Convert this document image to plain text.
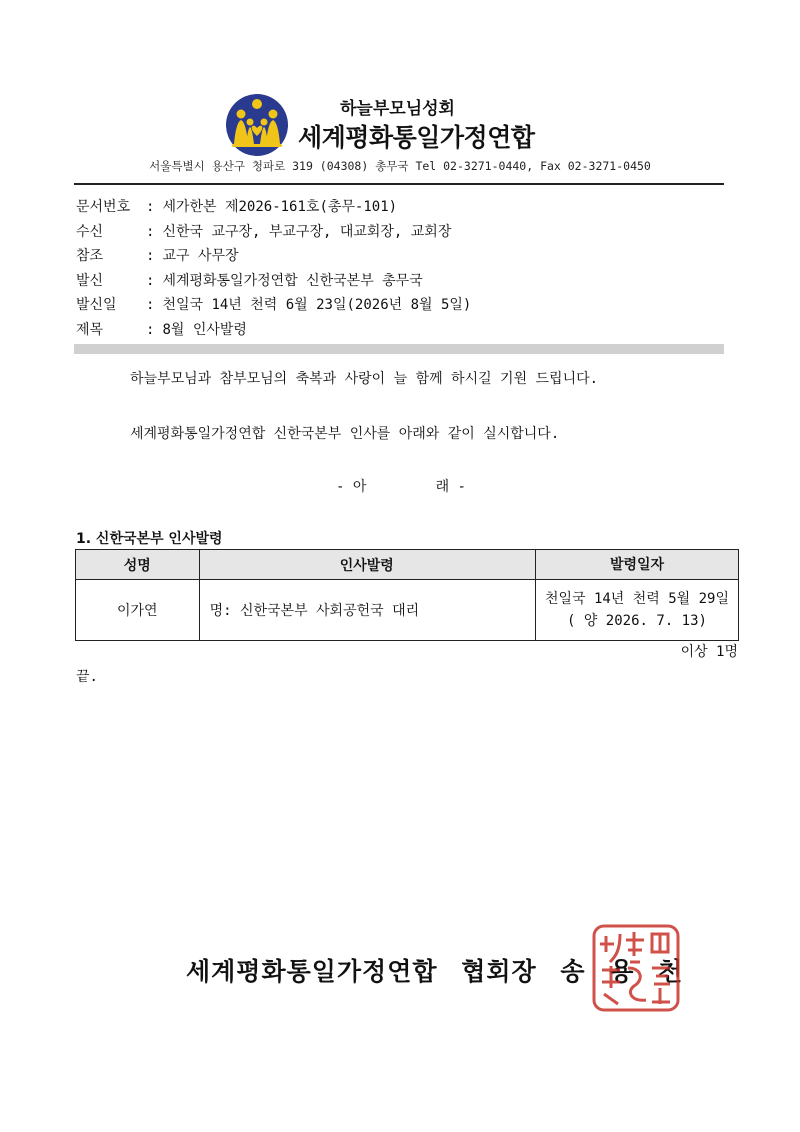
하늘부모님성회
세계평화통일가정연합
서울특별시 용산구 청파로 319 (04308) 총무국 Tel 02-3271-0440, Fax 02-3271-0450
문서번호 : 세가한본 제2026-161호(총무-101)
수신	: 신한국 교구장, 부교구장, 대교회장, 교회장
참조	: 교구 사무장
발신	: 세계평화통일가정연합 신한국본부 총무국
발신일 : 천일국 14년 천력 6월 23일(2026년 8월 5일)
제목	: 8월 인사발령
하늘부모님과 참부모님의 축복과 사랑이 늘 함께 하시길 기원 드립니다.
세계평화통일가정연합 신한국본부 인사를 아래와 같이 실시합니다.
- 아	래 -
1. 신한국본부 인사발령
성명	인사발령	발령일자
이가연	명: 신한국본부 사회공헌국 대리	천일국 14년 천력 5월 29일
( 양 2026. 7. 13)
이상 1명
끝.
세계평화통일가정연합 협회장 송 용 천
